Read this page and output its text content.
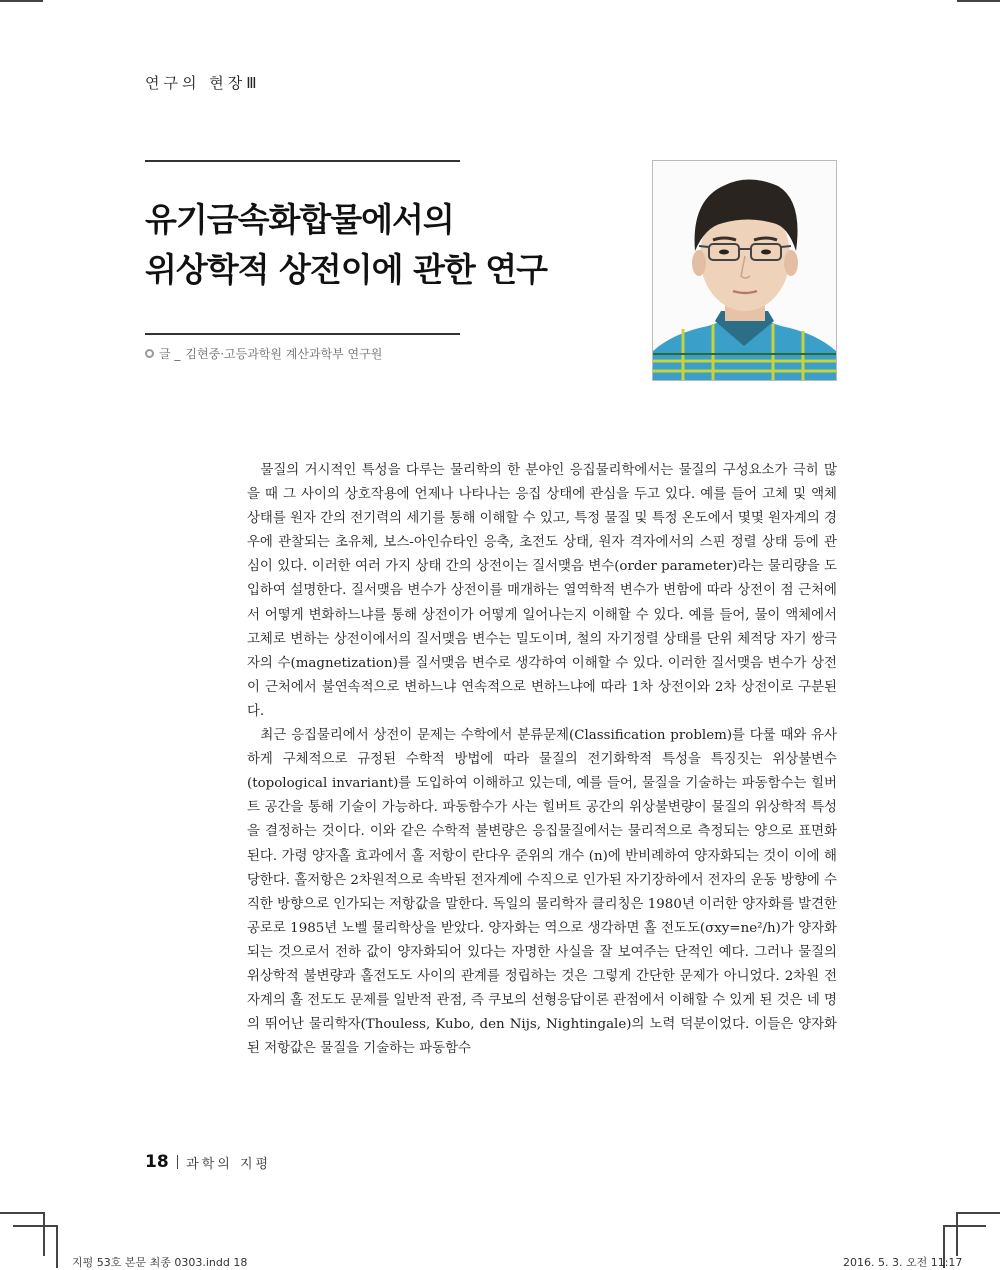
연구의 현장Ⅲ
유기금속화합물에서의
위상학적 상전이에 관한 연구
글 _ 김현중·고등과학원 계산과학부 연구원

물질의 거시적인 특성을 다루는 물리학의 한 분야인 응집물리학에서는 물질의 구성요소가 극히 많을 때 그 사이의 상호작용에 언제나 나타나는 응집 상태에 관심을 두고 있다. 예를 들어 고체 및 액체 상태를 원자 간의 전기력의 세기를 통해 이해할 수 있고, 특정 물질 및 특정 온도에서 몇몇 원자계의 경우에 관찰되는 초유체, 보스-아인슈타인 응축, 초전도 상태, 원자 격자에서의 스핀 정렬 상태 등에 관심이 있다. 이러한 여러 가지 상태 간의 상전이는 질서맺음 변수(order parameter)라는 물리량을 도입하여 설명한다. 질서맺음 변수가 상전이를 매개하는 열역학적 변수가 변함에 따라 상전이 점 근처에서 어떻게 변화하느냐를 통해 상전이가 어떻게 일어나는지 이해할 수 있다. 예를 들어, 물이 액체에서 고체로 변하는 상전이에서의 질서맺음 변수는 밀도이며, 철의 자기정렬 상태를 단위 체적당 자기 쌍극자의 수(magnetization)를 질서맺음 변수로 생각하여 이해할 수 있다. 이러한 질서맺음 변수가 상전이 근처에서 불연속적으로 변하느냐 연속적으로 변하느냐에 따라 1차 상전이와 2차 상전이로 구분된다.

최근 응집물리에서 상전이 문제는 수학에서 분류문제(Classification problem)를 다룰 때와 유사하게 구체적으로 규정된 수학적 방법에 따라 물질의 전기화학적 특성을 특징짓는 위상불변수(topological invariant)를 도입하여 이해하고 있는데, 예를 들어, 물질을 기술하는 파동함수는 힐버트 공간을 통해 기술이 가능하다. 파동함수가 사는 힐버트 공간의 위상불변량이 물질의 위상학적 특성을 결정하는 것이다. 이와 같은 수학적 불변량은 응집물질에서는 물리적으로 측정되는 양으로 표면화된다. 가령 양자홀 효과에서 홀 저항이 란다우 준위의 개수 (n)에 반비례하여 양자화되는 것이 이에 해당한다. 홀저항은 2차원적으로 속박된 전자계에 수직으로 인가된 자기장하에서 전자의 운동 방향에 수직한 방향으로 인가되는 저항값을 말한다. 독일의 물리학자 클리칭은 1980년 이러한 양자화를 발견한 공로로 1985년 노벨 물리학상을 받았다. 양자화는 역으로 생각하면 홀 전도도(σxy=ne²/h)가 양자화되는 것으로서 전하 값이 양자화되어 있다는 자명한 사실을 잘 보여주는 단적인 예다. 그러나 물질의 위상학적 불변량과 홀전도도 사이의 관계를 정립하는 것은 그렇게 간단한 문제가 아니었다. 2차원 전자계의 홀 전도도 문제를 일반적 관점, 즉 쿠보의 선형응답이론 관점에서 이해할 수 있게 된 것은 네 명의 뛰어난 물리학자(Thouless, Kubo, den Nijs, Nightingale)의 노력 덕분이었다. 이들은 양자화된 저항값은 물질을 기술하는 파동함수

18 과학의 지평
지평 53호 본문 최종 0303.indd 18	2016. 5. 3. 오전 11:17
